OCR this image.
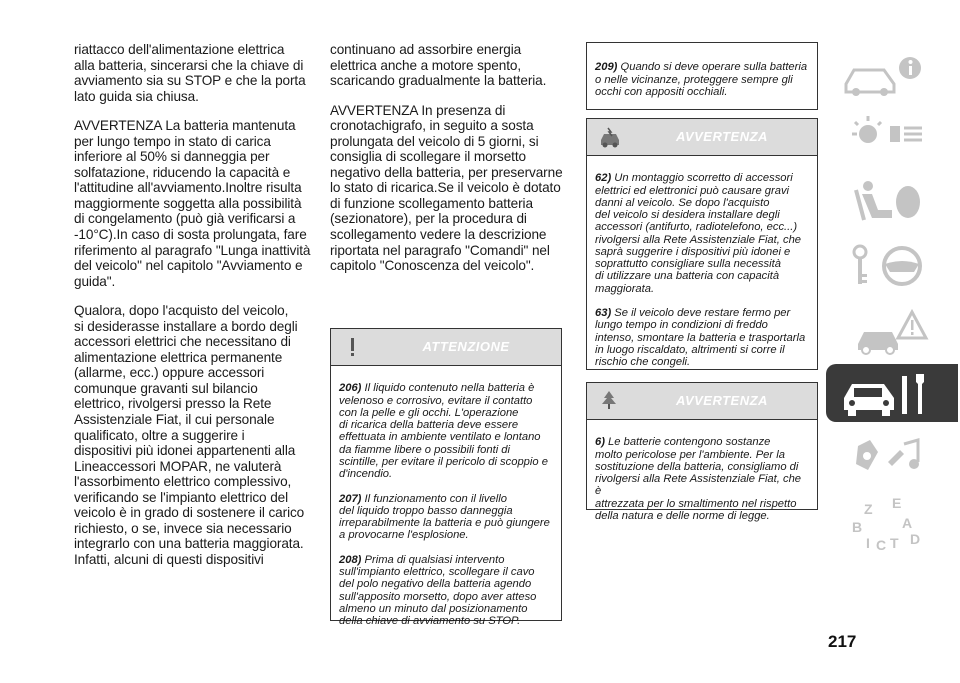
riattacco dell'alimentazione elettrica
alla batteria, sincerarsi che la chiave di
avviamento sia su STOP e che la porta
lato guida sia chiusa.

AVVERTENZA La batteria mantenuta
per lungo tempo in stato di carica
inferiore al 50% si danneggia per
solfatazione, riducendo la capacità e
l'attitudine all'avviamento.Inoltre risulta
maggiormente soggetta alla possibilità
di congelamento (può già verificarsi a
-10°C).In caso di sosta prolungata, fare
riferimento al paragrafo "Lunga inattività
del veicolo" nel capitolo "Avviamento e
guida".

Qualora, dopo l'acquisto del veicolo,
si desiderasse installare a bordo degli
accessori elettrici che necessitano di
alimentazione elettrica permanente
(allarme, ecc.) oppure accessori
comunque gravanti sul bilancio
elettrico, rivolgersi presso la Rete
Assistenziale Fiat, il cui personale
qualificato, oltre a suggerire i
dispositivi più idonei appartenenti alla
Lineaccessori MOPAR, ne valuterà
l'assorbimento elettrico complessivo,
verificando se l'impianto elettrico del
veicolo è in grado di sostenere il carico
richiesto, o se, invece sia necessario
integrarlo con una batteria maggiorata.
Infatti, alcuni di questi dispositivi

continuano ad assorbire energia
elettrica anche a motore spento,
scaricando gradualmente la batteria.

AVVERTENZA In presenza di
cronotachigrafo, in seguito a sosta
prolungata del veicolo di 5 giorni, si
consiglia di scollegare il morsetto
negativo della batteria, per preservarne
lo stato di ricarica.Se il veicolo è dotato
di funzione scollegamento batteria
(sezionatore), per la procedura di
scollegamento vedere la descrizione
riportata nel paragrafo "Comandi" nel
capitolo "Conoscenza del veicolo".

ATTENZIONE

206) Il liquido contenuto nella batteria è
velenoso e corrosivo, evitare il contatto
con la pelle e gli occhi. L'operazione
di ricarica della batteria deve essere
effettuata in ambiente ventilato e lontano
da fiamme libere o possibili fonti di
scintille, per evitare il pericolo di scoppio e
d'incendio.

207) Il funzionamento con il livello
del liquido troppo basso danneggia
irreparabilmente la batteria e può giungere
a provocarne l'esplosione.

208) Prima di qualsiasi intervento
sull'impianto elettrico, scollegare il cavo
del polo negativo della batteria agendo
sull'apposito morsetto, dopo aver atteso
almeno un minuto dal posizionamento
della chiave di avviamento su STOP.

209) Quando si deve operare sulla batteria
o nelle vicinanze, proteggere sempre gli
occhi con appositi occhiali.

AVVERTENZA

62) Un montaggio scorretto di accessori
elettrici ed elettronici può causare gravi
danni al veicolo. Se dopo l'acquisto
del veicolo si desidera installare degli
accessori (antifurto, radiotelefono, ecc...)
rivolgersi alla Rete Assistenziale Fiat, che
saprà suggerire i dispositivi più idonei e
soprattutto consigliare sulla necessità
di utilizzare una batteria con capacità
maggiorata.

63) Se il veicolo deve restare fermo per
lungo tempo in condizioni di freddo
intenso, smontare la batteria e trasportarla
in luogo riscaldato, altrimenti si corre il
rischio che congeli.

AVVERTENZA

6) Le batterie contengono sostanze
molto pericolose per l'ambiente. Per la
sostituzione della batteria, consigliamo di
rivolgersi alla Rete Assistenziale Fiat, che è
attrezzata per lo smaltimento nel rispetto
della natura e delle norme di legge.	Z E
B	A
I C T D
217
